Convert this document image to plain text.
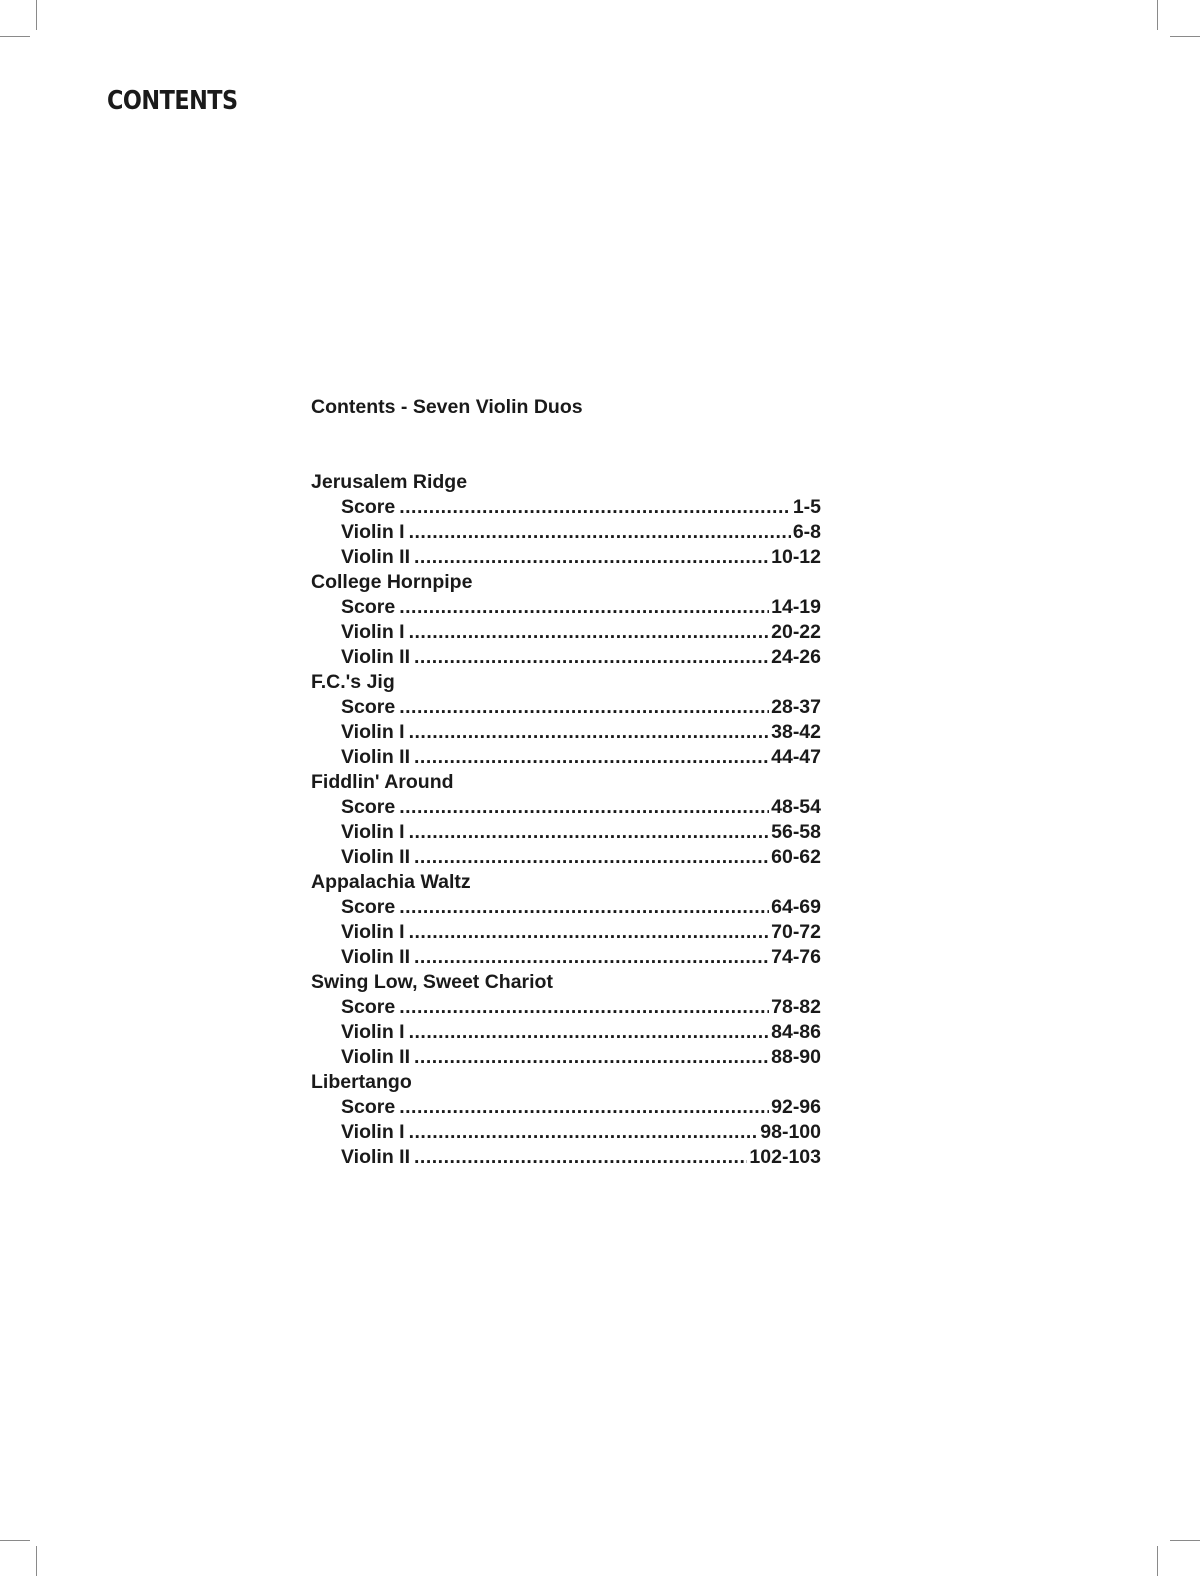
CONTENTS
Contents - Seven Violin Duos
Jerusalem Ridge
Score .....	1-5
Violin I .....	6-8
Violin II .....	10-12
College Hornpipe
Score .....	14-19
Violin I .....	20-22
Violin II .....	24-26
F.C.'s Jig
Score .....	28-37
Violin I .....	38-42
Violin II .....	44-47
Fiddlin' Around
Score .....	48-54
Violin I .....	56-58
Violin II .....	60-62
Appalachia Waltz
Score .....	64-69
Violin I .....	70-72
Violin II .....	74-76
Swing Low, Sweet Chariot
Score .....	78-82
Violin I .....	84-86
Violin II .....	88-90
Libertango
Score .....	92-96
Violin I .....	98-100
Violin II .....	102-103
